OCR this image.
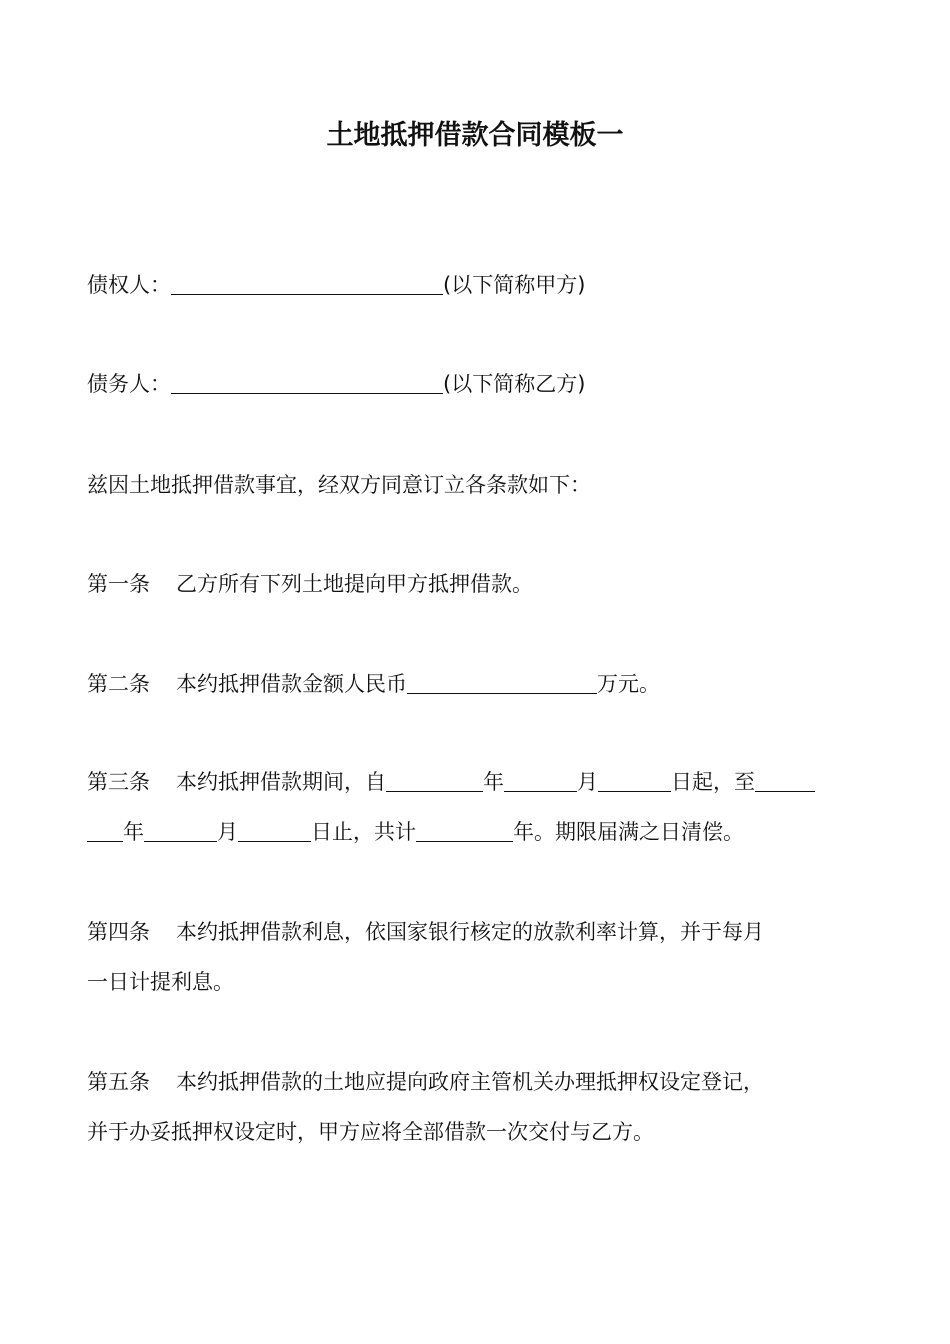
土地抵押借款合同模板一
债权人：	(以下简称甲方)
债务人：	(以下简称乙方)
兹因土地抵押借款事宜，经双方同意订立各条款如下：
第一条 乙方所有下列土地提向甲方抵押借款。
第二条 本约抵押借款金额人民币	万元。
第三条 本约抵押借款期间，自	年	月	日起，至
年	月	日止，共计	年。期限届满之日清偿。
第四条 本约抵押借款利息，依国家银行核定的放款利率计算，并于每月
一日计提利息。
第五条 本约抵押借款的土地应提向政府主管机关办理抵押权设定登记，
并于办妥抵押权设定时，甲方应将全部借款一次交付与乙方。
